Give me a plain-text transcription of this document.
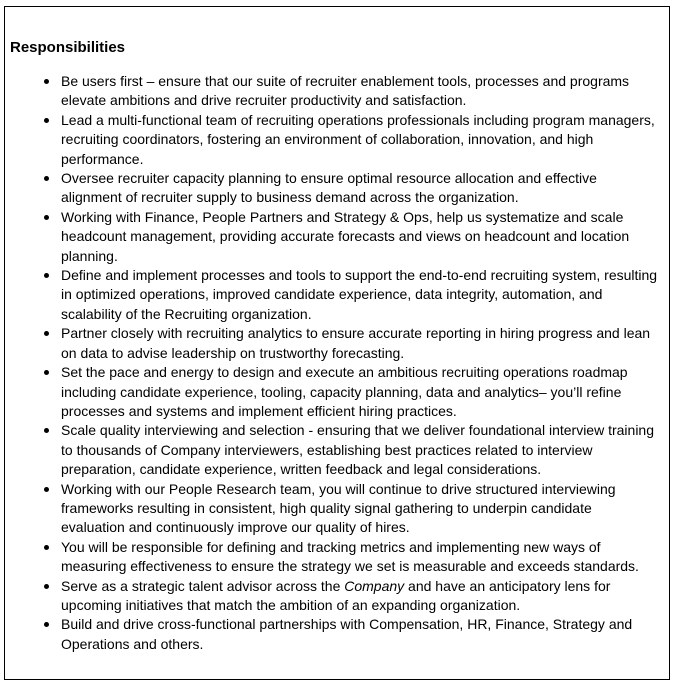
Responsibilities
Be users first – ensure that our suite of recruiter enablement tools, processes and programs elevate ambitions and drive recruiter productivity and satisfaction.
Lead a multi-functional team of recruiting operations professionals including program managers, recruiting coordinators, fostering an environment of collaboration, innovation, and high performance.
Oversee recruiter capacity planning to ensure optimal resource allocation and effective alignment of recruiter supply to business demand across the organization.
Working with Finance, People Partners and Strategy & Ops, help us systematize and scale headcount management, providing accurate forecasts and views on headcount and location planning.
Define and implement processes and tools to support the end-to-end recruiting system, resulting in optimized operations, improved candidate experience, data integrity, automation, and scalability of the Recruiting organization.
Partner closely with recruiting analytics to ensure accurate reporting in hiring progress and lean on data to advise leadership on trustworthy forecasting.
Set the pace and energy to design and execute an ambitious recruiting operations roadmap including candidate experience, tooling, capacity planning, data and analytics– you’ll refine processes and systems and implement efficient hiring practices.
Scale quality interviewing and selection - ensuring that we deliver foundational interview training to thousands of Company interviewers, establishing best practices related to interview preparation, candidate experience, written feedback and legal considerations.
Working with our People Research team, you will continue to drive structured interviewing frameworks resulting in consistent, high quality signal gathering to underpin candidate evaluation and continuously improve our quality of hires.
You will be responsible for defining and tracking metrics and implementing new ways of measuring effectiveness to ensure the strategy we set is measurable and exceeds standards.
Serve as a strategic talent advisor across the Company and have an anticipatory lens for upcoming initiatives that match the ambition of an expanding organization.
Build and drive cross-functional partnerships with Compensation, HR, Finance, Strategy and Operations and others.
